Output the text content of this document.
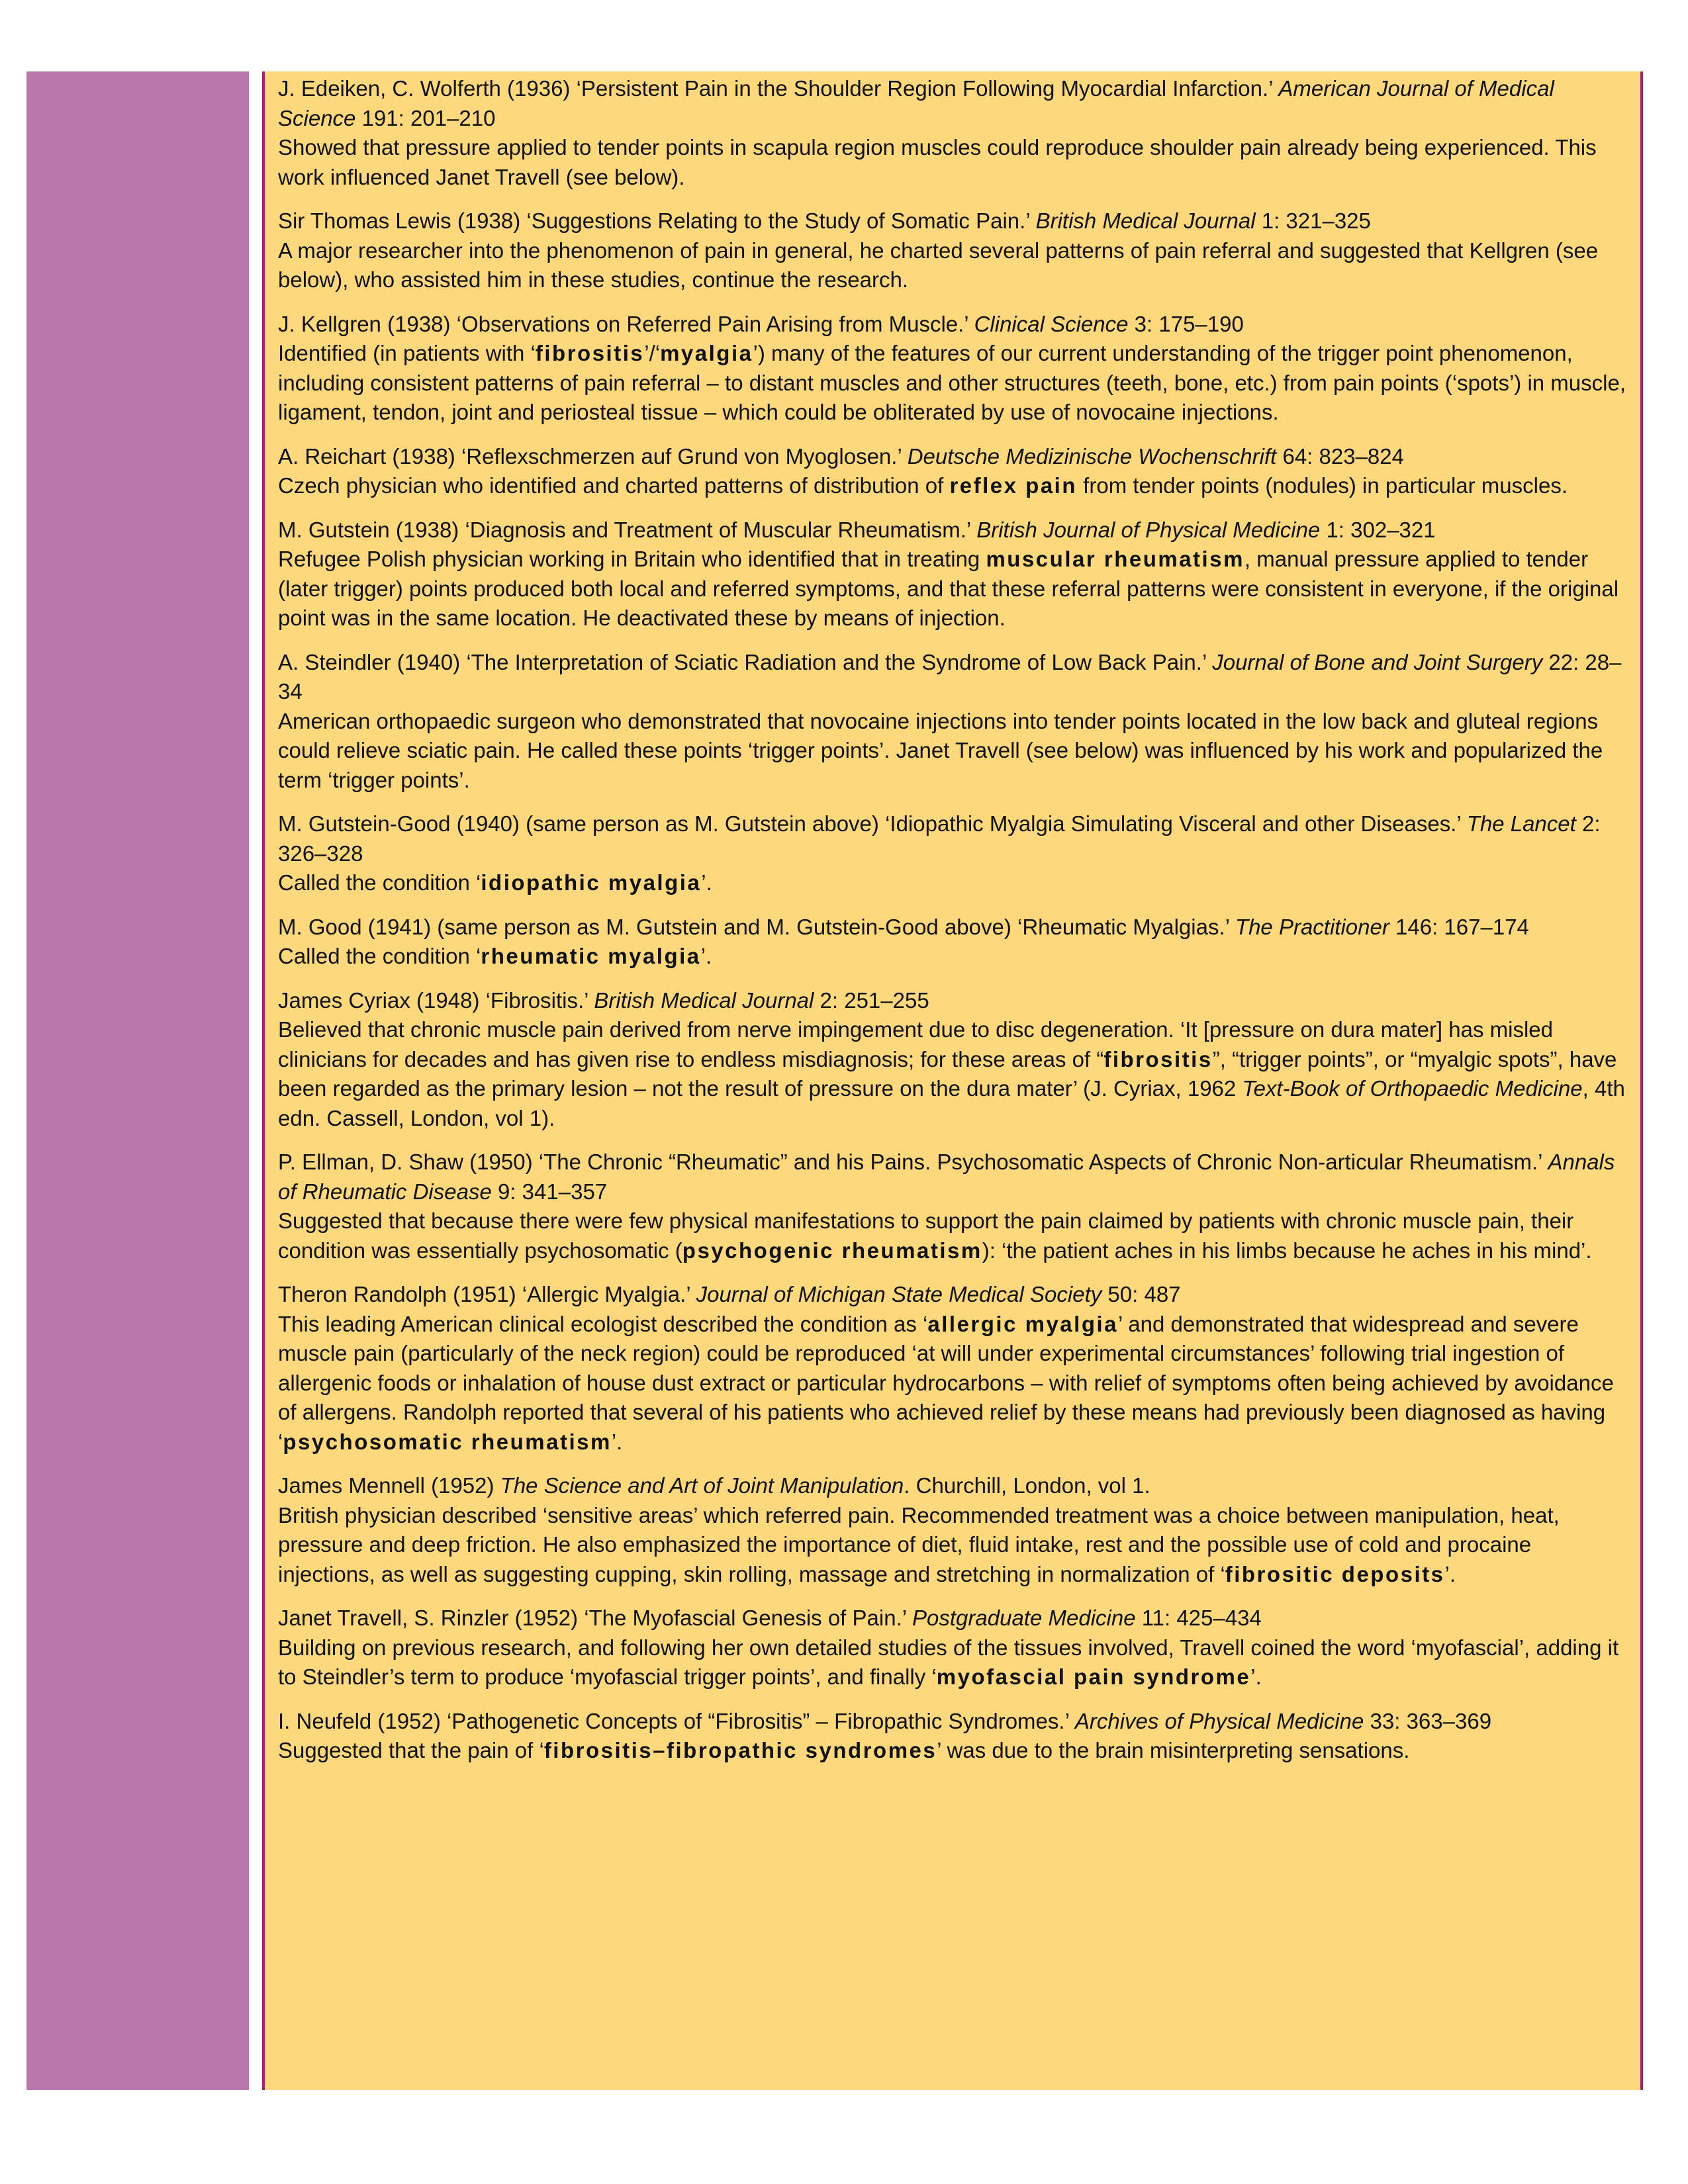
J. Edeiken, C. Wolferth (1936) ‘Persistent Pain in the Shoulder Region Following Myocardial Infarction.’ American Journal of Medical Science 191: 201–210

Showed that pressure applied to tender points in scapula region muscles could reproduce shoulder pain already being experienced. This work influenced Janet Travell (see below).

Sir Thomas Lewis (1938) ‘Suggestions Relating to the Study of Somatic Pain.’ British Medical Journal 1: 321–325

A major researcher into the phenomenon of pain in general, he charted several patterns of pain referral and suggested that Kellgren (see below), who assisted him in these studies, continue the research.

J. Kellgren (1938) ‘Observations on Referred Pain Arising from Muscle.’ Clinical Science 3: 175–190

Identified (in patients with ‘fibrositis’/‘myalgia’) many of the features of our current understanding of the trigger point phenomenon, including consistent patterns of pain referral – to distant muscles and other structures (teeth, bone, etc.) from pain points (‘spots’) in muscle, ligament, tendon, joint and periosteal tissue – which could be obliterated by use of novocaine injections.

A. Reichart (1938) ‘Reflexschmerzen auf Grund von Myoglosen.’ Deutsche Medizinische Wochenschrift 64: 823–824

Czech physician who identified and charted patterns of distribution of reflex pain from tender points (nodules) in particular muscles.

M. Gutstein (1938) ‘Diagnosis and Treatment of Muscular Rheumatism.’ British Journal of Physical Medicine 1: 302–321

Refugee Polish physician working in Britain who identified that in treating muscular rheumatism, manual pressure applied to tender (later trigger) points produced both local and referred symptoms, and that these referral patterns were consistent in everyone, if the original point was in the same location. He deactivated these by means of injection.

A. Steindler (1940) ‘The Interpretation of Sciatic Radiation and the Syndrome of Low Back Pain.’ Journal of Bone and Joint Surgery 22: 28–34

American orthopaedic surgeon who demonstrated that novocaine injections into tender points located in the low back and gluteal regions could relieve sciatic pain. He called these points ‘trigger points’. Janet Travell (see below) was influenced by his work and popularized the term ‘trigger points’.

M. Gutstein-Good (1940) (same person as M. Gutstein above) ‘Idiopathic Myalgia Simulating Visceral and other Diseases.’ The Lancet 2: 326–328

Called the condition ‘idiopathic myalgia’.

M. Good (1941) (same person as M. Gutstein and M. Gutstein-Good above) ‘Rheumatic Myalgias.’ The Practitioner 146: 167–174

Called the condition ‘rheumatic myalgia’.

James Cyriax (1948) ‘Fibrositis.’ British Medical Journal 2: 251–255

Believed that chronic muscle pain derived from nerve impingement due to disc degeneration. ‘It [pressure on dura mater] has misled clinicians for decades and has given rise to endless misdiagnosis; for these areas of “fibrositis”, “trigger points”, or “myalgic spots”, have been regarded as the primary lesion – not the result of pressure on the dura mater’ (J. Cyriax, 1962 Text-Book of Orthopaedic Medicine, 4th edn. Cassell, London, vol 1).

P. Ellman, D. Shaw (1950) ‘The Chronic “Rheumatic” and his Pains. Psychosomatic Aspects of Chronic Non-articular Rheumatism.’ Annals of Rheumatic Disease 9: 341–357

Suggested that because there were few physical manifestations to support the pain claimed by patients with chronic muscle pain, their condition was essentially psychosomatic (psychogenic rheumatism): ‘the patient aches in his limbs because he aches in his mind’.

Theron Randolph (1951) ‘Allergic Myalgia.’ Journal of Michigan State Medical Society 50: 487

This leading American clinical ecologist described the condition as ‘allergic myalgia’ and demonstrated that widespread and severe muscle pain (particularly of the neck region) could be reproduced ‘at will under experimental circumstances’ following trial ingestion of allergenic foods or inhalation of house dust extract or particular hydrocarbons – with relief of symptoms often being achieved by avoidance of allergens. Randolph reported that several of his patients who achieved relief by these means had previously been diagnosed as having ‘psychosomatic rheumatism’.

James Mennell (1952) The Science and Art of Joint Manipulation. Churchill, London, vol 1.

British physician described ‘sensitive areas’ which referred pain. Recommended treatment was a choice between manipulation, heat, pressure and deep friction. He also emphasized the importance of diet, fluid intake, rest and the possible use of cold and procaine injections, as well as suggesting cupping, skin rolling, massage and stretching in normalization of ‘fibrositic deposits’.

Janet Travell, S. Rinzler (1952) ‘The Myofascial Genesis of Pain.’ Postgraduate Medicine 11: 425–434

Building on previous research, and following her own detailed studies of the tissues involved, Travell coined the word ‘myofascial’, adding it to Steindler’s term to produce ‘myofascial trigger points’, and finally ‘myofascial pain syndrome’.

I. Neufeld (1952) ‘Pathogenetic Concepts of “Fibrositis” – Fibropathic Syndromes.’ Archives of Physical Medicine 33: 363–369

Suggested that the pain of ‘fibrositis–fibropathic syndromes’ was due to the brain misinterpreting sensations.
